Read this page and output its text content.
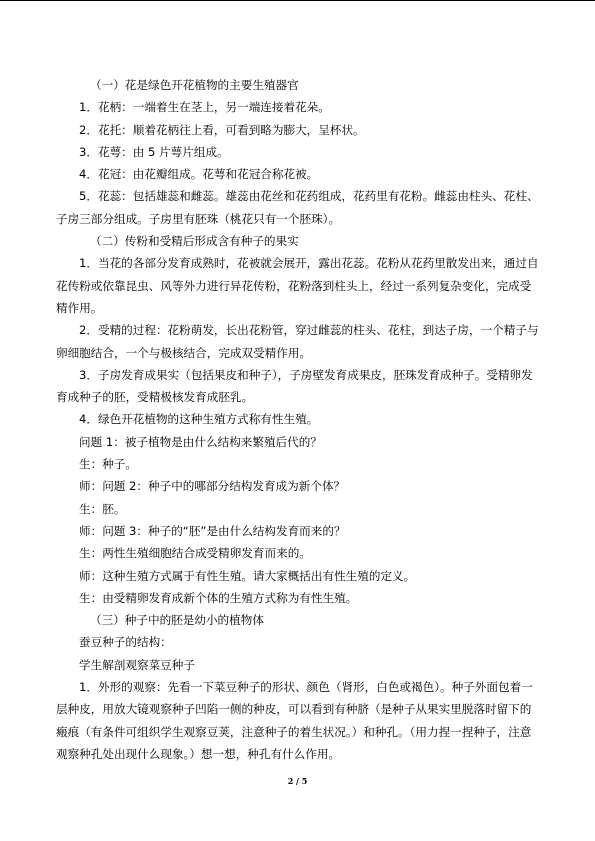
（一）花是绿色开花植物的主要生殖器官

1．花柄：一端着生在茎上，另一端连接着花朵。

2．花托：顺着花柄往上看，可看到略为膨大，呈杯状。

3．花萼：由 5 片萼片组成。

4．花冠：由花瓣组成。花萼和花冠合称花被。

5．花蕊：包括雄蕊和雌蕊。雄蕊由花丝和花药组成，花药里有花粉。雌蕊由柱头、花柱、子房三部分组成。子房里有胚珠（桃花只有一个胚珠）。

（二）传粉和受精后形成含有种子的果实

1．当花的各部分发育成熟时，花被就会展开，露出花蕊。花粉从花药里散发出来，通过自花传粉或依靠昆虫、风等外力进行异花传粉，花粉落到柱头上，经过一系列复杂变化，完成受精作用。

2．受精的过程：花粉萌发，长出花粉管，穿过雌蕊的柱头、花柱，到达子房，一个精子与卵细胞结合，一个与极核结合，完成双受精作用。

3．子房发育成果实（包括果皮和种子），子房壁发育成果皮，胚珠发育成种子。受精卵发育成种子的胚，受精极核发育成胚乳。

4．绿色开花植物的这种生殖方式称有性生殖。

问题 1：被子植物是由什么结构来繁殖后代的？

生：种子。

师：问题 2：种子中的哪部分结构发育成为新个体？

生：胚。

师：问题 3：种子的“胚”是由什么结构发育而来的？

生：两性生殖细胞结合成受精卵发育而来的。

师：这种生殖方式属于有性生殖。请大家概括出有性生殖的定义。

生：由受精卵发育成新个体的生殖方式称为有性生殖。

（三）种子中的胚是幼小的植物体

蚕豆种子的结构：

学生解剖观察菜豆种子

1．外形的观察：先看一下菜豆种子的形状、颜色（肾形，白色或褐色）。种子外面包着一层种皮，用放大镜观察种子凹陷一侧的种皮，可以看到有种脐（是种子从果实里脱落时留下的瘢痕（有条件可组织学生观察豆荚，注意种子的着生状况。）和种孔。（用力捏一捏种子，注意观察种孔处出现什么现象。）想一想，种孔有什么作用。

2 / 5
